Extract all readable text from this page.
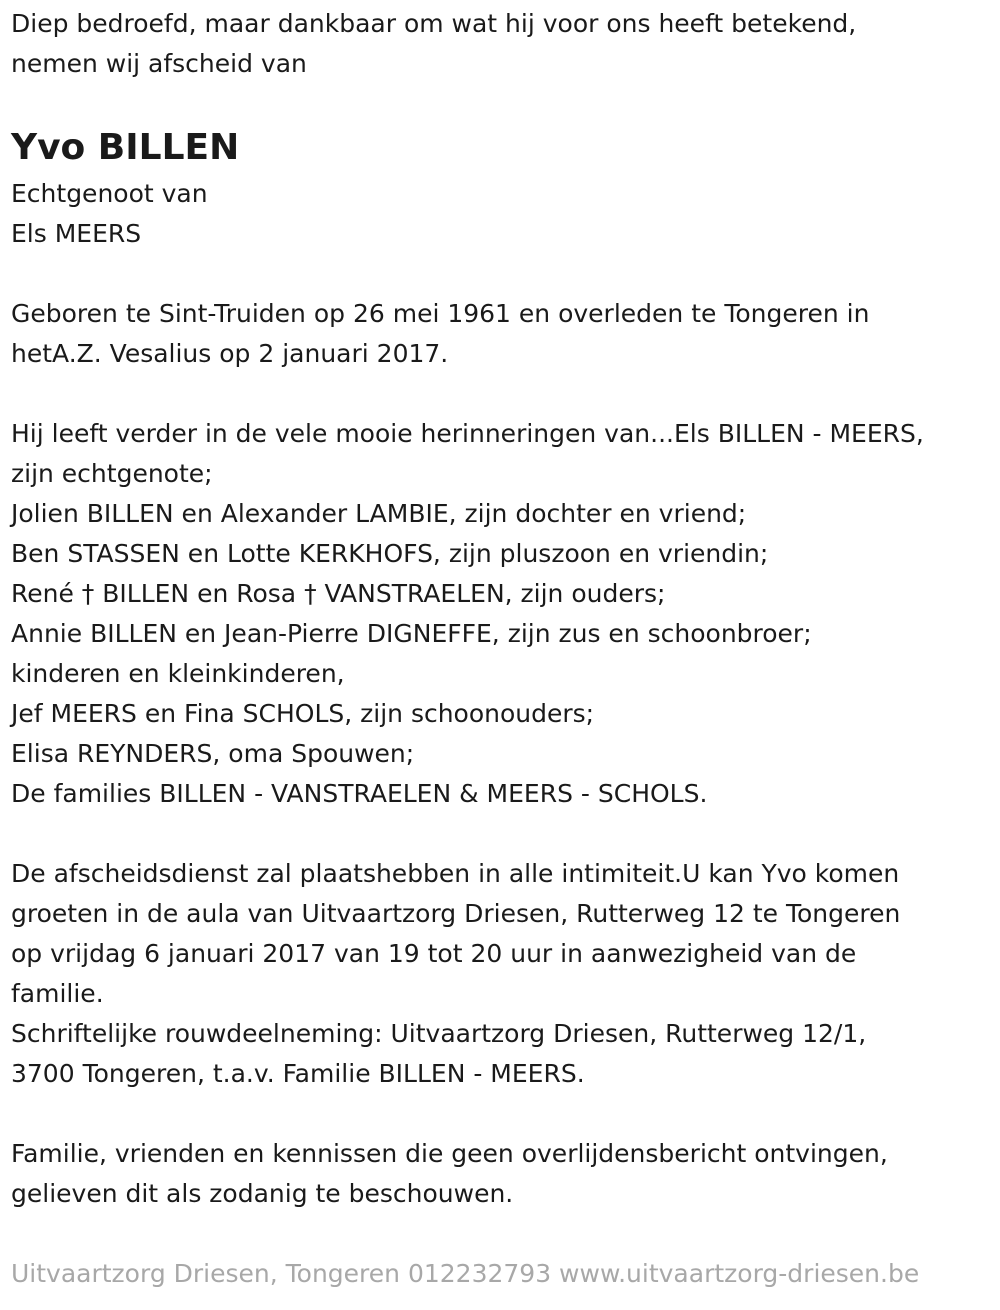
Diep bedroefd, maar dankbaar om wat hij voor ons heeft betekend,
nemen wij afscheid van
Yvo BILLEN
Echtgenoot van
Els MEERS
Geboren te Sint-Truiden op 26 mei 1961 en overleden te Tongeren in
hetA.Z. Vesalius op 2 januari 2017.
Hij leeft verder in de vele mooie herinneringen van...Els BILLEN - MEERS,
zijn echtgenote;
Jolien BILLEN en Alexander LAMBIE, zijn dochter en vriend;
Ben STASSEN en Lotte KERKHOFS, zijn pluszoon en vriendin;
René † BILLEN en Rosa † VANSTRAELEN, zijn ouders;
Annie BILLEN en Jean-Pierre DIGNEFFE, zijn zus en schoonbroer;
kinderen en kleinkinderen,
Jef MEERS en Fina SCHOLS, zijn schoonouders;
Elisa REYNDERS, oma Spouwen;
De families BILLEN - VANSTRAELEN & MEERS - SCHOLS.
De afscheidsdienst zal plaatshebben in alle intimiteit.U kan Yvo komen
groeten in de aula van Uitvaartzorg Driesen, Rutterweg 12 te Tongeren
op vrijdag 6 januari 2017 van 19 tot 20 uur in aanwezigheid van de
familie.
Schriftelijke rouwdeelneming: Uitvaartzorg Driesen, Rutterweg 12/1,
3700 Tongeren, t.a.v. Familie BILLEN - MEERS.
Familie, vrienden en kennissen die geen overlijdensbericht ontvingen,
gelieven dit als zodanig te beschouwen.
Uitvaartzorg Driesen, Tongeren 012232793 www.uitvaartzorg-driesen.be
